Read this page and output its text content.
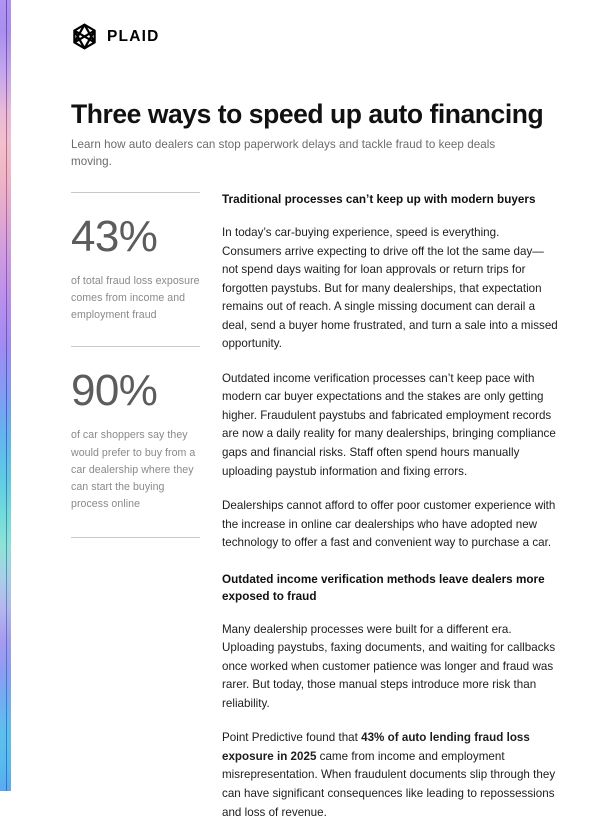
PLAID
Three ways to speed up auto financing

Learn how auto dealers can stop paperwork delays and tackle fraud to keep deals moving.

43%
of total fraud loss exposure comes from income and employment fraud
90%
of car shoppers say they would prefer to buy from a car dealership where they can start the buying process online
Traditional processes can’t keep up with modern buyers

In today’s car-buying experience, speed is everything. Consumers arrive expecting to drive off the lot the same day—not spend days waiting for loan approvals or return trips for forgotten paystubs. But for many dealerships, that expectation remains out of reach. A single missing document can derail a deal, send a buyer home frustrated, and turn a sale into a missed opportunity.

Outdated income verification processes can’t keep pace with modern car buyer expectations and the stakes are only getting higher. Fraudulent paystubs and fabricated employment records are now a daily reality for many dealerships, bringing compliance gaps and financial risks. Staff often spend hours manually uploading paystub information and fixing errors.

Dealerships cannot afford to offer poor customer experience with the increase in online car dealerships who have adopted new technology to offer a fast and convenient way to purchase a car.

Outdated income verification methods leave dealers more exposed to fraud

Many dealership processes were built for a different era. Uploading paystubs, faxing documents, and waiting for callbacks once worked when customer patience was longer and fraud was rarer. But today, those manual steps introduce more risk than reliability.

Point Predictive found that 43% of auto lending fraud loss exposure in 2025 came from income and employment misrepresentation. When fraudulent documents slip through they can have significant consequences like leading to repossessions and loss of revenue.
